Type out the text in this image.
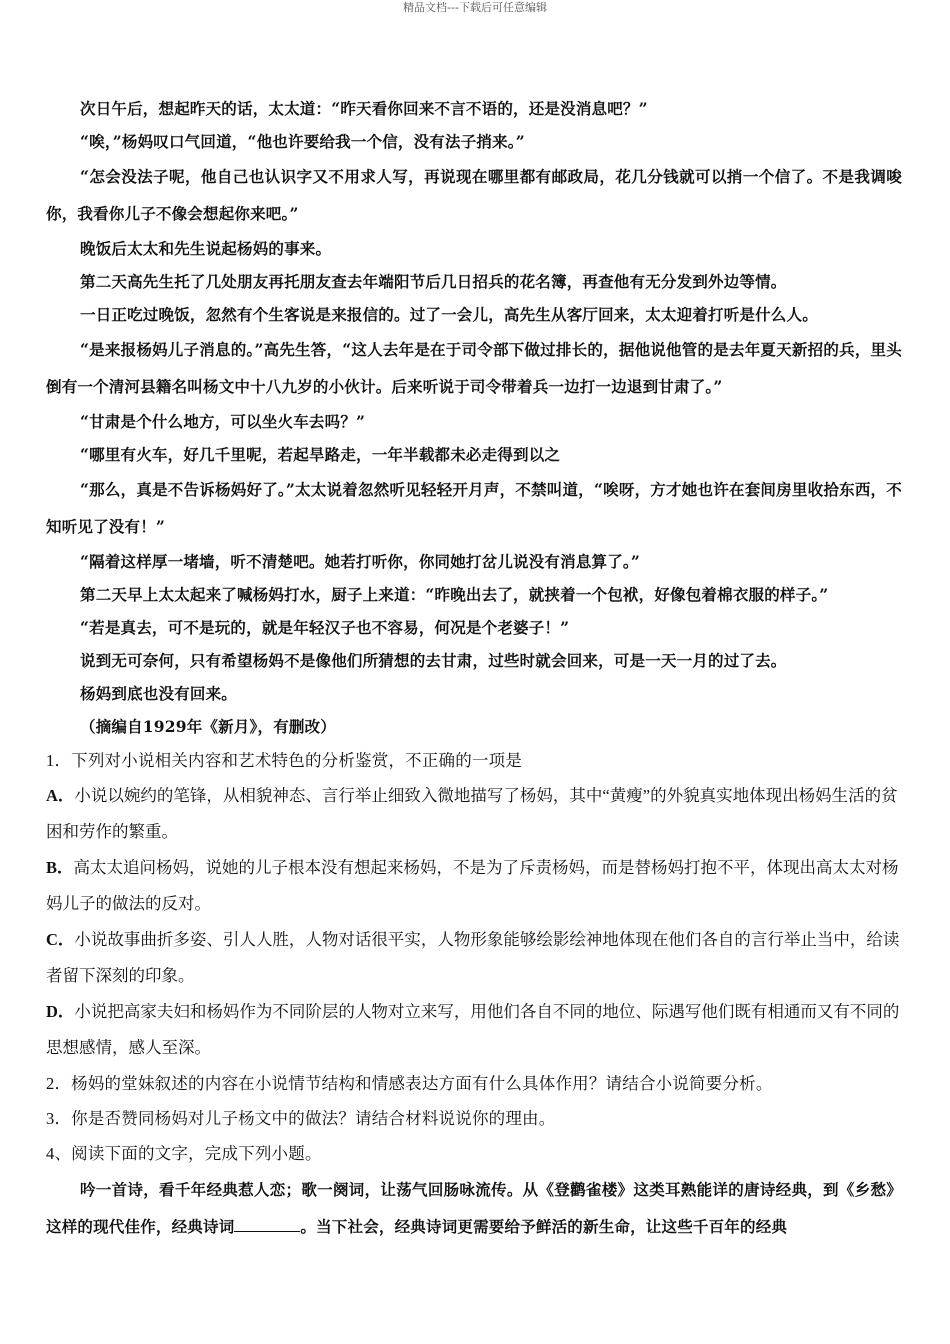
精品文档---下载后可任意编辑

次日午后，想起昨天的话，太太道：“昨天看你回来不言不语的，还是没消息吧？”

“唉，”杨妈叹口气回道，“他也许要给我一个信，没有法子捎来。”

“怎会没法子呢，他自己也认识字又不用求人写，再说现在哪里都有邮政局，花几分钱就可以捎一个信了。不是我调唆你，我看你儿子不像会想起你来吧。”

晚饭后太太和先生说起杨妈的事来。

第二天高先生托了几处朋友再托朋友查去年端阳节后几日招兵的花名簿，再查他有无分发到外边等情。

一日正吃过晚饭，忽然有个生客说是来报信的。过了一会儿，高先生从客厅回来，太太迎着打听是什么人。

“是来报杨妈儿子消息的。”高先生答，“这人去年是在于司令部下做过排长的，据他说他管的是去年夏天新招的兵，里头倒有一个清河县籍名叫杨文中十八九岁的小伙计。后来听说于司令带着兵一边打一边退到甘肃了。”

“甘肃是个什么地方，可以坐火车去吗？”

“哪里有火车，好几千里呢，若起旱路走，一年半载都未必走得到以之

“那么，真是不告诉杨妈好了。”太太说着忽然听见轻轻开月声，不禁叫道，“唉呀，方才她也许在套间房里收拾东西，不知听见了没有！”

“隔着这样厚一堵墙，听不清楚吧。她若打听你，你同她打岔儿说没有消息算了。”

第二天早上太太起来了喊杨妈打水，厨子上来道：“昨晚出去了，就挟着一个包袱，好像包着棉衣服的样子。”

“若是真去，可不是玩的，就是年轻汉子也不容易，何况是个老婆子！”

说到无可奈何，只有希望杨妈不是像他们所猜想的去甘肃，过些时就会回来，可是一天一月的过了去。

杨妈到底也没有回来。

（摘编自1929年《新月》，有删改）

1．下列对小说相关内容和艺术特色的分析鉴赏，不正确的一项是

A．小说以婉约的笔锋，从相貌神态、言行举止细致入微地描写了杨妈，其中“黄瘦”的外貌真实地体现出杨妈生活的贫困和劳作的繁重。

B．高太太追问杨妈，说她的儿子根本没有想起来杨妈，不是为了斥责杨妈，而是替杨妈打抱不平，体现出高太太对杨妈儿子的做法的反对。

C．小说故事曲折多姿、引人人胜，人物对话很平实，人物形象能够绘影绘神地体现在他们各自的言行举止当中，给读者留下深刻的印象。

D．小说把高家夫妇和杨妈作为不同阶层的人物对立来写，用他们各自不同的地位、际遇写他们既有相通而又有不同的思想感情，感人至深。

2．杨妈的堂妹叙述的内容在小说情节结构和情感表达方面有什么具体作用？请结合小说简要分析。

3．你是否赞同杨妈对儿子杨文中的做法？请结合材料说说你的理由。

4、阅读下面的文字，完成下列小题。

吟一首诗，看千年经典惹人恋；歌一阕词，让荡气回肠咏流传。从《登鹳雀楼》这类耳熟能详的唐诗经典，到《乡愁》这样的现代佳作，经典诗词	。当下社会，经典诗词更需要给予鲜活的新生命，让这些千百年的经典
